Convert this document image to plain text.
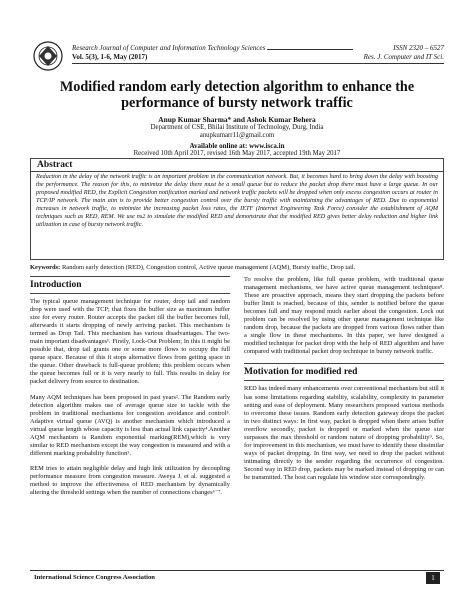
Research Journal of Computer and Information Technology Sciences	ISSN 2320 – 6527
Vol. 5(3), 1-6, May (2017)	Res. J. Computer and IT Sci.
Modified random early detection algorithm to enhance the performance of bursty network traffic
Anup Kumar Sharma* and Ashok Kumar Behera
Department of CSE, Bhilai Institute of Technology, Durg, India
anupkumarr11@gmail.com
Available online at: www.isca.in
Received 10th April 2017, revised 16th May 2017, accepted 19th May 2017
Abstract
Reduction in the delay of the network traffic is an important problem in the communication network. But, it becomes hard to bring down the delay with boosting the performance. The reason for this, to minimize the delay there must be a small queue but to reduce the packet drop there must have a large queue. In our proposed modified RED, the Explicit Congestion notification marked and network traffic packets will be dropped when only excess congestion occurs at router in TCP/IP network. The main aim is to provide better congestion control over the bursty traffic with maintaining the advantages of RED. Due to exponential increases in network traffic, to minimize the increasing packet loss rates, the IETF (Internet Engineering Task Force) consider the establishment of AQM techniques such as RED, REM. We use ns2 to simulate the modified RED and demonstrate that the modified RED gives better delay reduction and higher link utilization in case of bursty network traffic.
Keywords: Random early detection (RED), Congestion control, Active queue management (AQM), Bursty traffic, Drop tail.
Introduction

The typical queue management technique for router, drop tail and random drop were used with the TCP; that fixes the buffer size as maximum buffer size for every router. Router accepts the packet till the buffer becomes full, afterwards it starts dropping of newly arriving packet. This mechanism is termed as Drop Tail. This mechanism has various disadvantages. The two-main important disadvantages¹. Firstly, Lock-Out Problem; In this it might be possible that, drop tail grants one or some more flows to occupy the full queue space. Because of this it stops alternative flows from getting space in the queue. Other drawback is full-queue problem; this problem occurs when the queue becomes full or it is very nearly to full. This results in delay for packet delivery from source to destination.

Many AQM techniques has been proposed in past years². The Random early detection algorithm makes use of average queue size to tackle with the problem in traditional mechanisms for congestion avoidance and control³. Adaptive virtual queue (AVQ) is another mechanism which introduced a virtual queue length whose capacity is less than actual link capacity⁴.Another AQM mechanism is Random exponential marking(REM),which is very similar to RED mechanism except the way congestion is measured and with a different marking probability function⁵.

REM tries to attain negligible delay and high link utilization by decoupling performance measure from congestion measure. Aweya J. et al. suggested a method to improve the effectiveness of RED mechanism by dynamically altering the threshold settings when the number of connections changes⁶⁻⁷.

To resolve the problem, like full queue problem, with traditional queue management mechanisms, we have active queue management techniques⁸. These are proactive approach, means they start dropping the packets before buffer limit is reached, because of this, sender is notified before the queue becomes full and may respond much earlier about the congestion. Lock out problem can be resolved by using other queue management technique like random drop, because the packets are dropped from various flows rather than a single flow in these mechanisms. In this paper, we have designed a modified technique for packet drop with the help of RED algorithm and have compared with traditional packet drop technique in bursty network traffic.

Motivation for modified red

RED has indeed many enhancements over conventional mechanism but still it has some limitations regarding stability, scalability, complexity in parameter setting and ease of deployment. Many researchers proposed various methods to overcome these issues. Random early detection gateway drops the packet in two distinct ways: In first way, packet is dropped when there arises buffer overflow secondly, packet is dropped or marked when the queue size surpasses the max threshold or random nature of dropping probability⁹. So, for improvement in this mechanism, we must have to identify these dissimilar ways of packet dropping. In first way, we need to drop the packet without intimating directly to the sender regarding the occurrence of congestion. Second way in RED drop, packets may be marked instead of dropping or can be transmitted. The host can regulate his window size correspondingly.

International Science Congress Association	1
